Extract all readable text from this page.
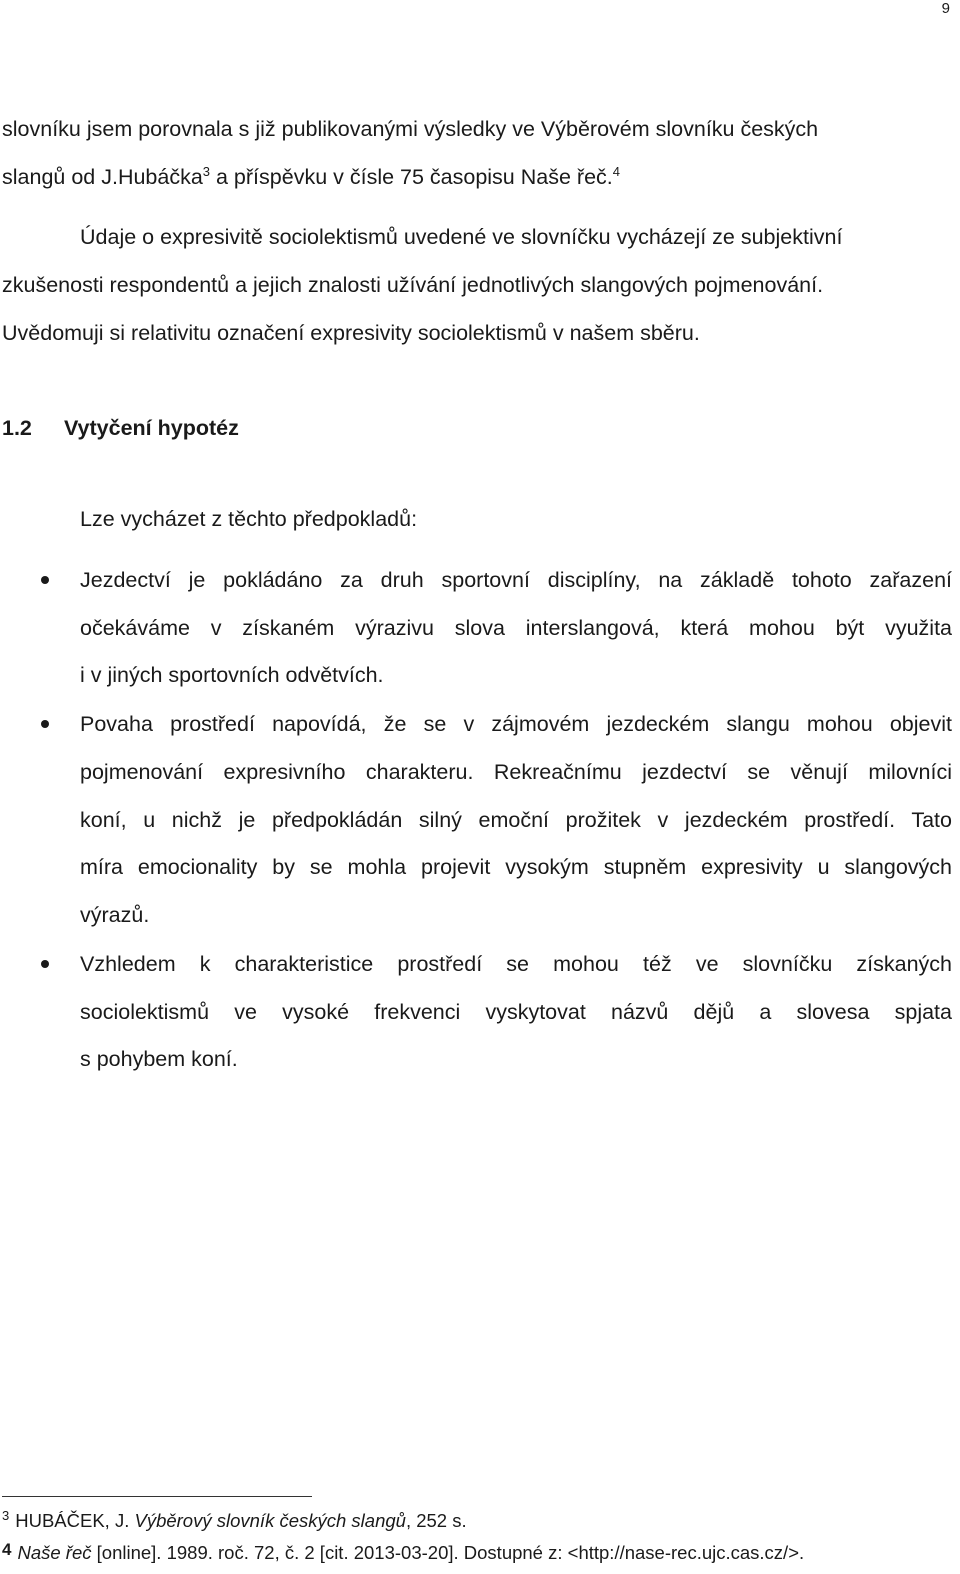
9
slovníku jsem porovnala s již publikovanými výsledky ve Výběrovém slovníku českých
slangů od J.Hubáčka$^3$ a příspěvku v čísle 75 časopisu Naše řeč.$^4$
Údaje o expresivitě sociolektismů uvedené ve slovníčku vycházejí ze subjektivní
zkušenosti respondentů a jejich znalosti užívání jednotlivých slangových pojmenování.
Uvědomuji si relativitu označení expresivity sociolektismů v našem sběru.
1.2 Vytyčení hypotéz
Lze vycházet z těchto předpokladů:
Jezdectví je pokládáno za druh sportovní disciplíny, na základě tohoto zařazení
očekáváme v získaném výrazivu slova interslangová, která mohou být využita
i v jiných sportovních odvětvích.
Povaha prostředí napovídá, že se v zájmovém jezdeckém slangu mohou objevit
pojmenování expresivního charakteru. Rekreačnímu jezdectví se věnují milovníci
koní, u nichž je předpokládán silný emoční prožitek v jezdeckém prostředí. Tato
míra emocionality by se mohla projevit vysokým stupněm expresivity u slangových
výrazů.
Vzhledem k charakteristice prostředí se mohou též ve slovníčku získaných
sociolektismů ve vysoké frekvenci vyskytovat názvů dějů a slovesa spjata
s pohybem koní.
$^3$ HUBÁČEK, J. Výběrový slovník českých slangů, 252 s.
4 Naše řeč [online]. 1989. roč. 72, č. 2 [cit. 2013-03-20]. Dostupné z: <http://nase-rec.ujc.cas.cz/>.
